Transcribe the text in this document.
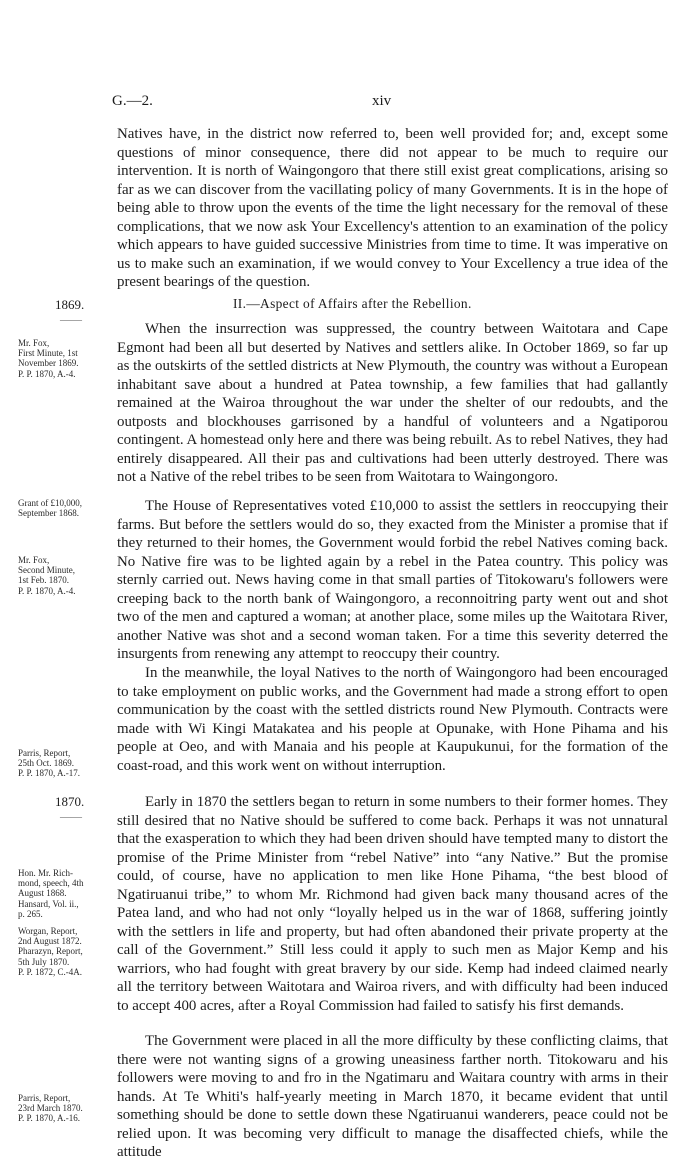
G.—2.	xiv

Natives have, in the district now referred to, been well provided for; and, except some questions of minor consequence, there did not appear to be much to require our intervention. It is north of Waingongoro that there still exist great complications, arising so far as we can discover from the vacillating policy of many Governments. It is in the hope of being able to throw upon the events of the time the light necessary for the removal of these complications, that we now ask Your Excellency's attention to an examination of the policy which appears to have guided successive Ministries from time to time. It was imperative on us to make such an examination, if we would convey to Your Excellency a true idea of the present bearings of the question.

II.—Aspect of Affairs after the Rebellion.
1869.
——
Mr. Fox,
First Minute, 1st
November 1869.
P. P. 1870, A.-4.

When the insurrection was suppressed, the country between Waitotara and Cape Egmont had been all but deserted by Natives and settlers alike. In October 1869, so far up as the outskirts of the settled districts at New Plymouth, the country was without a European inhabitant save about a hundred at Patea township, a few families that had gallantly remained at the Wairoa throughout the war under the shelter of our redoubts, and the outposts and blockhouses garrisoned by a handful of volunteers and a Ngatiporou contingent. A homestead only here and there was being rebuilt. As to rebel Natives, they had entirely disappeared. All their pas and cultivations had been utterly destroyed. There was not a Native of the rebel tribes to be seen from Waitotara to Waingongoro.

Grant of £10,000,
September 1868.	The House of Representatives voted £10,000 to assist the settlers in reoccupying their farms. But before the settlers would do so, they exacted from the Minister a promise that if they returned to their homes, the Government would forbid the rebel Natives coming back. No Native fire was to be lighted again by a rebel in the Patea country. This policy was sternly carried out. News having come in that small parties of Titokowaru's followers were creeping back to the north bank of Waingongoro, a reconnoitring party went out and shot two of the men and captured a woman; at another place, some miles up the Waitotara River, another Native was shot and a second woman taken. For a time this severity deterred the insurgents from renewing any attempt to reoccupy their country.

Mr. Fox,
Second Minute,
1st Feb. 1870.
P. P. 1870, A.-4.

In the meanwhile, the loyal Natives to the north of Waingongoro had been encouraged to take employment on public works, and the Government had made a strong effort to open communication by the coast with the settled districts round New Plymouth. Contracts were made with Wi Kingi Matakatea and his people at Opunake, with Hone Pihama and his people at Oeo, and with Manaia and his people at Kaupukunui, for the formation of the coast-road, and this work went on without interruption.

Parris, Report,
25th Oct. 1869.
P. P. 1870, A.-17.
1870.
——

Early in 1870 the settlers began to return in some numbers to their former homes. They still desired that no Native should be suffered to come back. Perhaps it was not unnatural that the exasperation to which they had been driven should have tempted many to distort the promise of the Prime Minister from “rebel Native” into “any Native.” But the promise could, of course, have no application to men like Hone Pihama, “the best blood of Ngatiruanui tribe,” to whom Mr. Richmond had given back many thousand acres of the Patea land, and who had not only “loyally helped us in the war of 1868, suffering jointly with the settlers in life and property, but had often abandoned their private property at the call of the Government.” Still less could it apply to such men as Major Kemp and his warriors, who had fought with great bravery by our side. Kemp had indeed claimed nearly all the territory between Waitotara and Wairoa rivers, and with difficulty had been induced to accept 400 acres, after a Royal Commission had failed to satisfy his first demands.

Hon. Mr. Rich-
mond, speech, 4th
August 1868.
Hansard, Vol. ii.,
p. 265.
Worgan, Report,
2nd August 1872.
Pharazyn, Report,
5th July 1870.
P. P. 1872, C.-4A.

The Government were placed in all the more difficulty by these conflicting claims, that there were not wanting signs of a growing uneasiness farther north. Titokowaru and his followers were moving to and fro in the Ngatimaru and Waitara country with arms in their hands. At Te Whiti's half-yearly meeting in March 1870, it became evident that until something should be done to settle down these Ngatiruanui wanderers, peace could not be relied upon. It was becoming very difficult to manage the disaffected chiefs, while the attitude

Parris, Report,
23rd March 1870.
P. P. 1870, A.-16.
